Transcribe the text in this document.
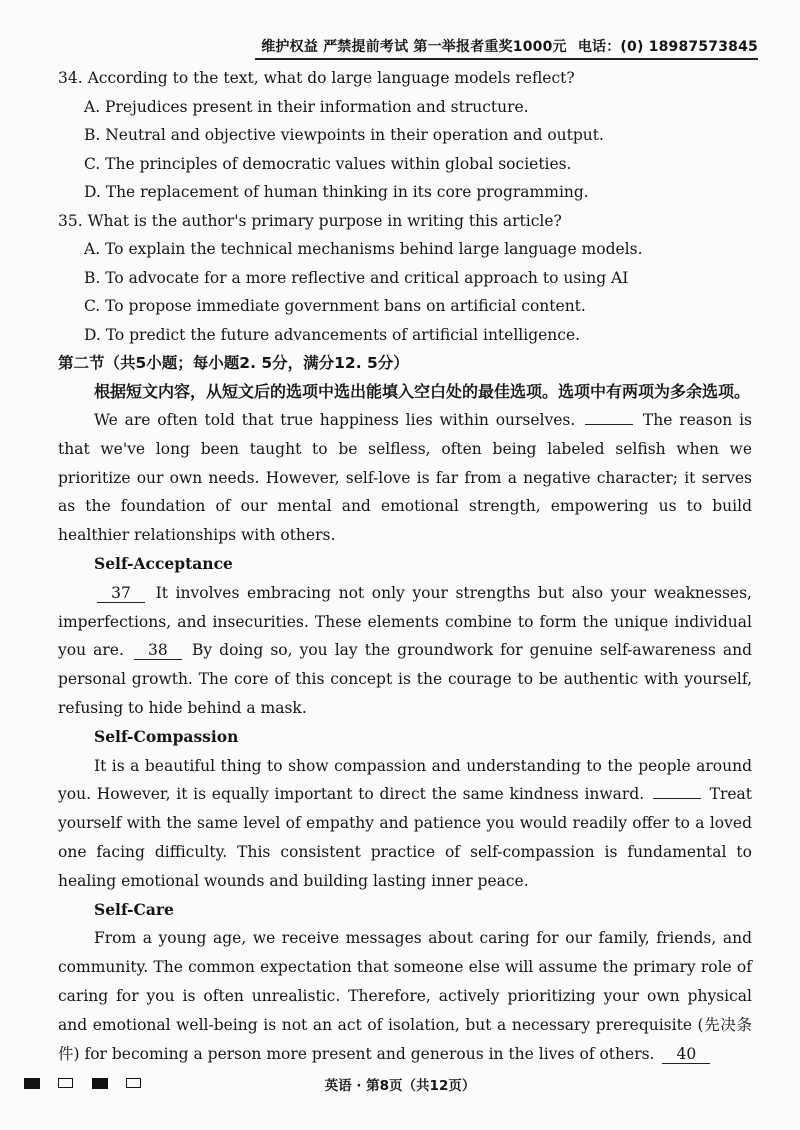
维护权益 严禁提前考试 第一举报者重奖1000元 电话：(0) 18987573845

34. According to the text, what do large language models reflect?

A. Prejudices present in their information and structure.

B. Neutral and objective viewpoints in their operation and output.

C. The principles of democratic values within global societies.

D. The replacement of human thinking in its core programming.

35. What is the author's primary purpose in writing this article?

A. To explain the technical mechanisms behind large language models.

B. To advocate for a more reflective and critical approach to using AI

C. To propose immediate government bans on artificial content.

D. To predict the future advancements of artificial intelligence.

第二节（共5小题；每小题2. 5分，满分12. 5分）

根据短文内容，从短文后的选项中选出能填入空白处的最佳选项。选项中有两项为多余选项。

We are often told that true happiness lies within ourselves.	The reason is that we've long been taught to be selfless, often being labeled selfish when we prioritize our own needs. However, self-love is far from a negative character; it serves as the foundation of our mental and emotional strength, empowering us to build healthier relationships with others.

Self-Acceptance

37 It involves embracing not only your strengths but also your weaknesses, imperfections, and insecurities. These elements combine to form the unique individual you are. 38 By doing so, you lay the groundwork for genuine self-awareness and personal growth. The core of this concept is the courage to be authentic with yourself, refusing to hide behind a mask.

Self-Compassion

It is a beautiful thing to show compassion and understanding to the people around you. However, it is equally important to direct the same kindness inward.	Treat yourself with the same level of empathy and patience you would readily offer to a loved one facing difficulty. This consistent practice of self-compassion is fundamental to healing emotional wounds and building lasting inner peace.

Self-Care

From a young age, we receive messages about caring for our family, friends, and community. The common expectation that someone else will assume the primary role of caring for you is often unrealistic. Therefore, actively prioritizing your own physical and emotional well-being is not an act of isolation, but a necessary prerequisite (先决条件) for becoming a person more present and generous in the lives of others. 40

英语 · 第8页（共12页）
